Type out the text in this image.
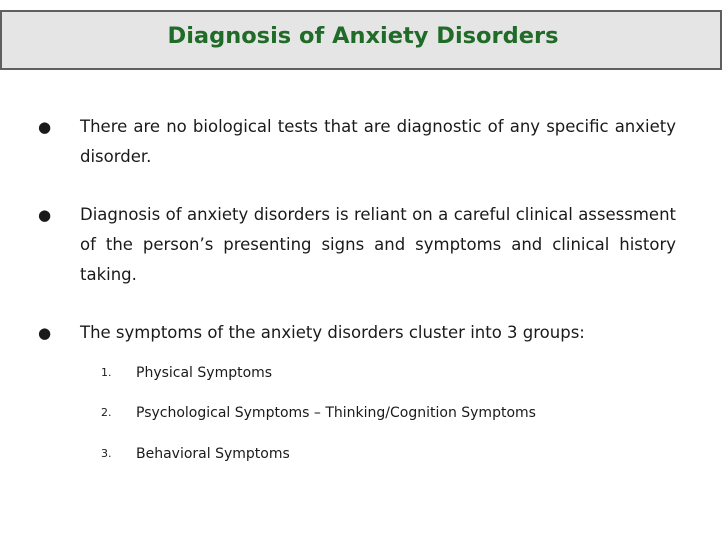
Diagnosis of Anxiety Disorders
● There are no biological tests that are diagnostic of any specific anxiety disorder.
● Diagnosis of anxiety disorders is reliant on a careful clinical assessment of the person’s presenting signs and symptoms and clinical history taking.
● The symptoms of the anxiety disorders cluster into 3 groups:
1. Physical Symptoms
2. Psychological Symptoms – Thinking/Cognition Symptoms
3. Behavioral Symptoms
